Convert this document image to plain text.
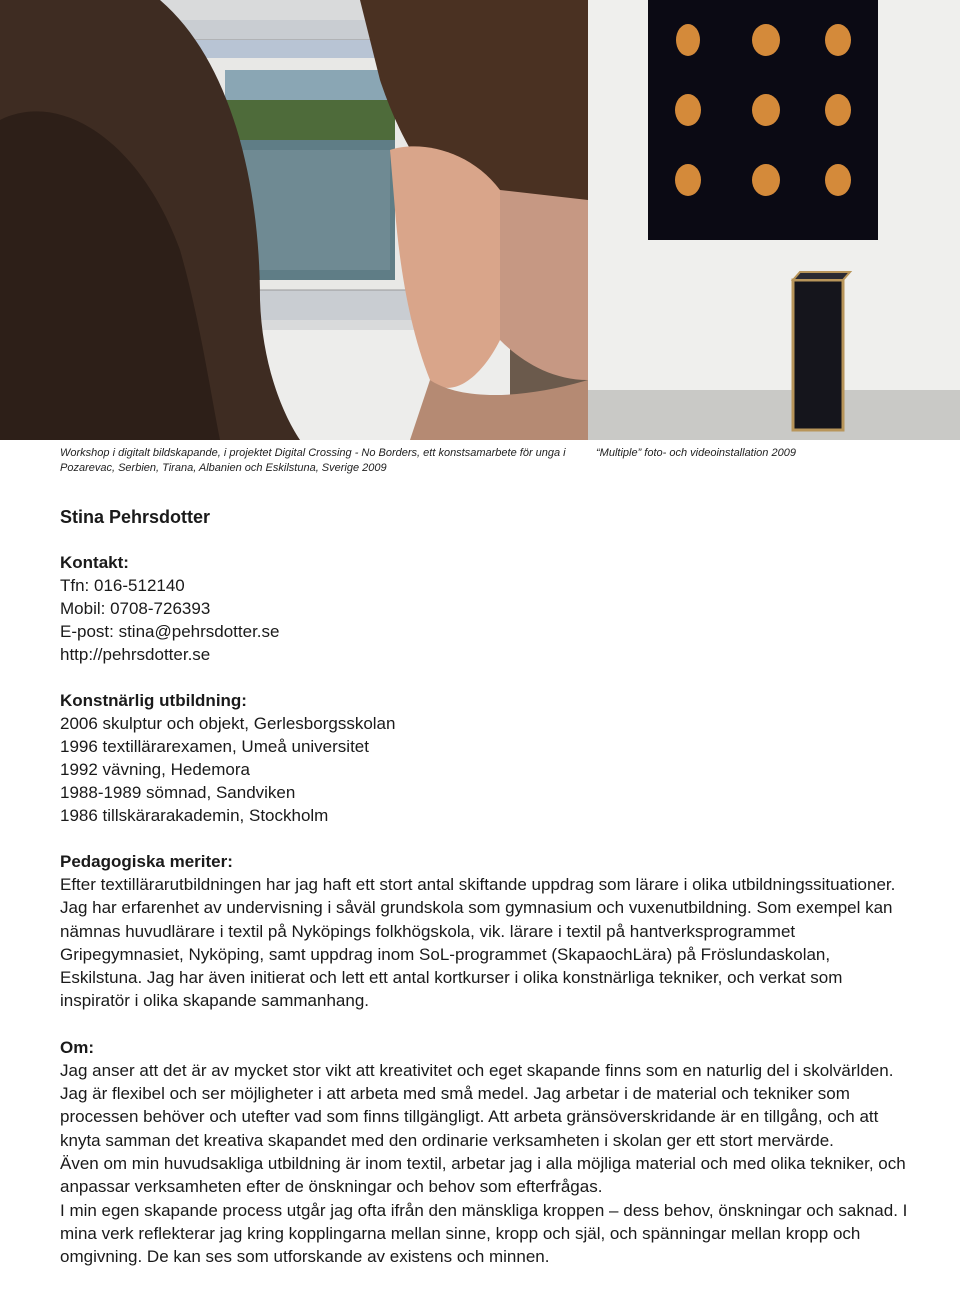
Workshop i digitalt bildskapande, i projektet Digital Crossing - No Borders, ett konstsamarbete för unga i Pozarevac, Serbien, Tirana, Albanien och Eskilstuna, Sverige 2009
“Multiple” foto- och videoinstallation 2009

Stina Pehrsdotter

Kontakt:

Tfn: 016-512140

Mobil: 0708-726393

E-post: stina@pehrsdotter.se

http://pehrsdotter.se

Konstnärlig utbildning:

2006 skulptur och objekt, Gerlesborgsskolan

1996 textillärarexamen, Umeå universitet

1992 vävning, Hedemora

1988-1989 sömnad, Sandviken

1986 tillskärarakademin, Stockholm

Pedagogiska meriter:

Efter textillärarutbildningen har jag haft ett stort antal skiftande uppdrag som lärare i olika utbildningssituationer. Jag har erfarenhet av undervisning i såväl grundskola som gymnasium och vuxenutbildning. Som exempel kan nämnas huvudlärare i textil på Nyköpings folkhögskola, vik. lärare i textil på hantverksprogrammet Gripegymnasiet, Nyköping, samt uppdrag inom SoL-programmet (SkapaochLära) på Fröslundaskolan, Eskilstuna. Jag har även initierat och lett ett antal kortkurser i olika konstnärliga tekniker, och verkat som inspiratör i olika skapande sammanhang.

Om:

Jag anser att det är av mycket stor vikt att kreativitet och eget skapande finns som en naturlig del i skolvärlden. Jag är flexibel och ser möjligheter i att arbeta med små medel. Jag arbetar i de material och tekniker som processen behöver och utefter vad som finns tillgängligt. Att arbeta gränsöverskridande är en tillgång, och att knyta samman det kreativa skapandet med den ordinarie verksamheten i skolan ger ett stort mervärde.

Även om min huvudsakliga utbildning är inom textil, arbetar jag i alla möjliga material och med olika tekniker, och anpassar verksamheten efter de önskningar och behov som efterfrågas.

I min egen skapande process utgår jag ofta ifrån den mänskliga kroppen – dess behov, önskningar och saknad. I mina verk reflekterar jag kring kopplingarna mellan sinne, kropp och själ, och spänningar mellan kropp och omgivning. De kan ses som utforskande av existens och minnen.
